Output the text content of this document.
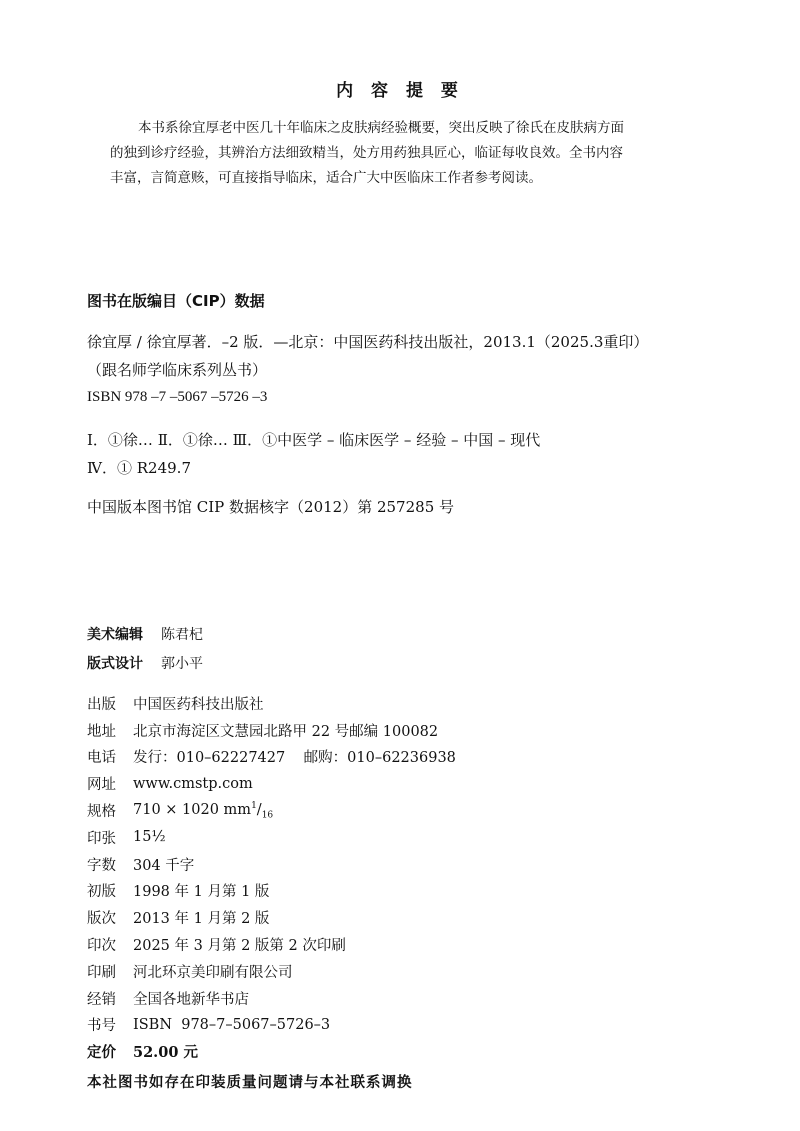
内 容 提 要
本书系徐宜厚老中医几十年临床之皮肤病经验概要，突出反映了徐氏在皮肤病方面
的独到诊疗经验，其辨治方法细致精当，处方用药独具匠心，临证每收良效。全书内容
丰富，言简意赅，可直接指导临床，适合广大中医临床工作者参考阅读。
图书在版编目（CIP）数据
徐宜厚 / 徐宜厚著．–2 版．—北京：中国医药科技出版社，2013.1（2025.3重印）
（跟名师学临床系列丛书）
ISBN 978 –7 –5067 –5726 –3
Ⅰ．①徐… Ⅱ．①徐… Ⅲ．①中医学 – 临床医学 – 经验 – 中国 – 现代
Ⅳ．① R249.7
中国版本图书馆 CIP 数据核字（2012）第 257285 号
美术编辑 陈君杞
版式设计 郭小平
出版	中国医药科技出版社
地址	北京市海淀区文慧园北路甲 22 号邮编 100082
电话	发行：010–62227427    邮购：010–62236938
网址	www.cmstp.com
规格	710 × 1020 $mm^1/_{16}$
印张	15½
字数	304 千字
初版	1998 年 1 月第 1 版
版次	2013 年 1 月第 2 版
印次	2025 年 3 月第 2 版第 2 次印刷
印刷	河北环京美印刷有限公司
经销	全国各地新华书店
书号	ISBN  978–7–5067–5726–3
定价	52.00 元
本社图书如存在印装质量问题请与本社联系调换
